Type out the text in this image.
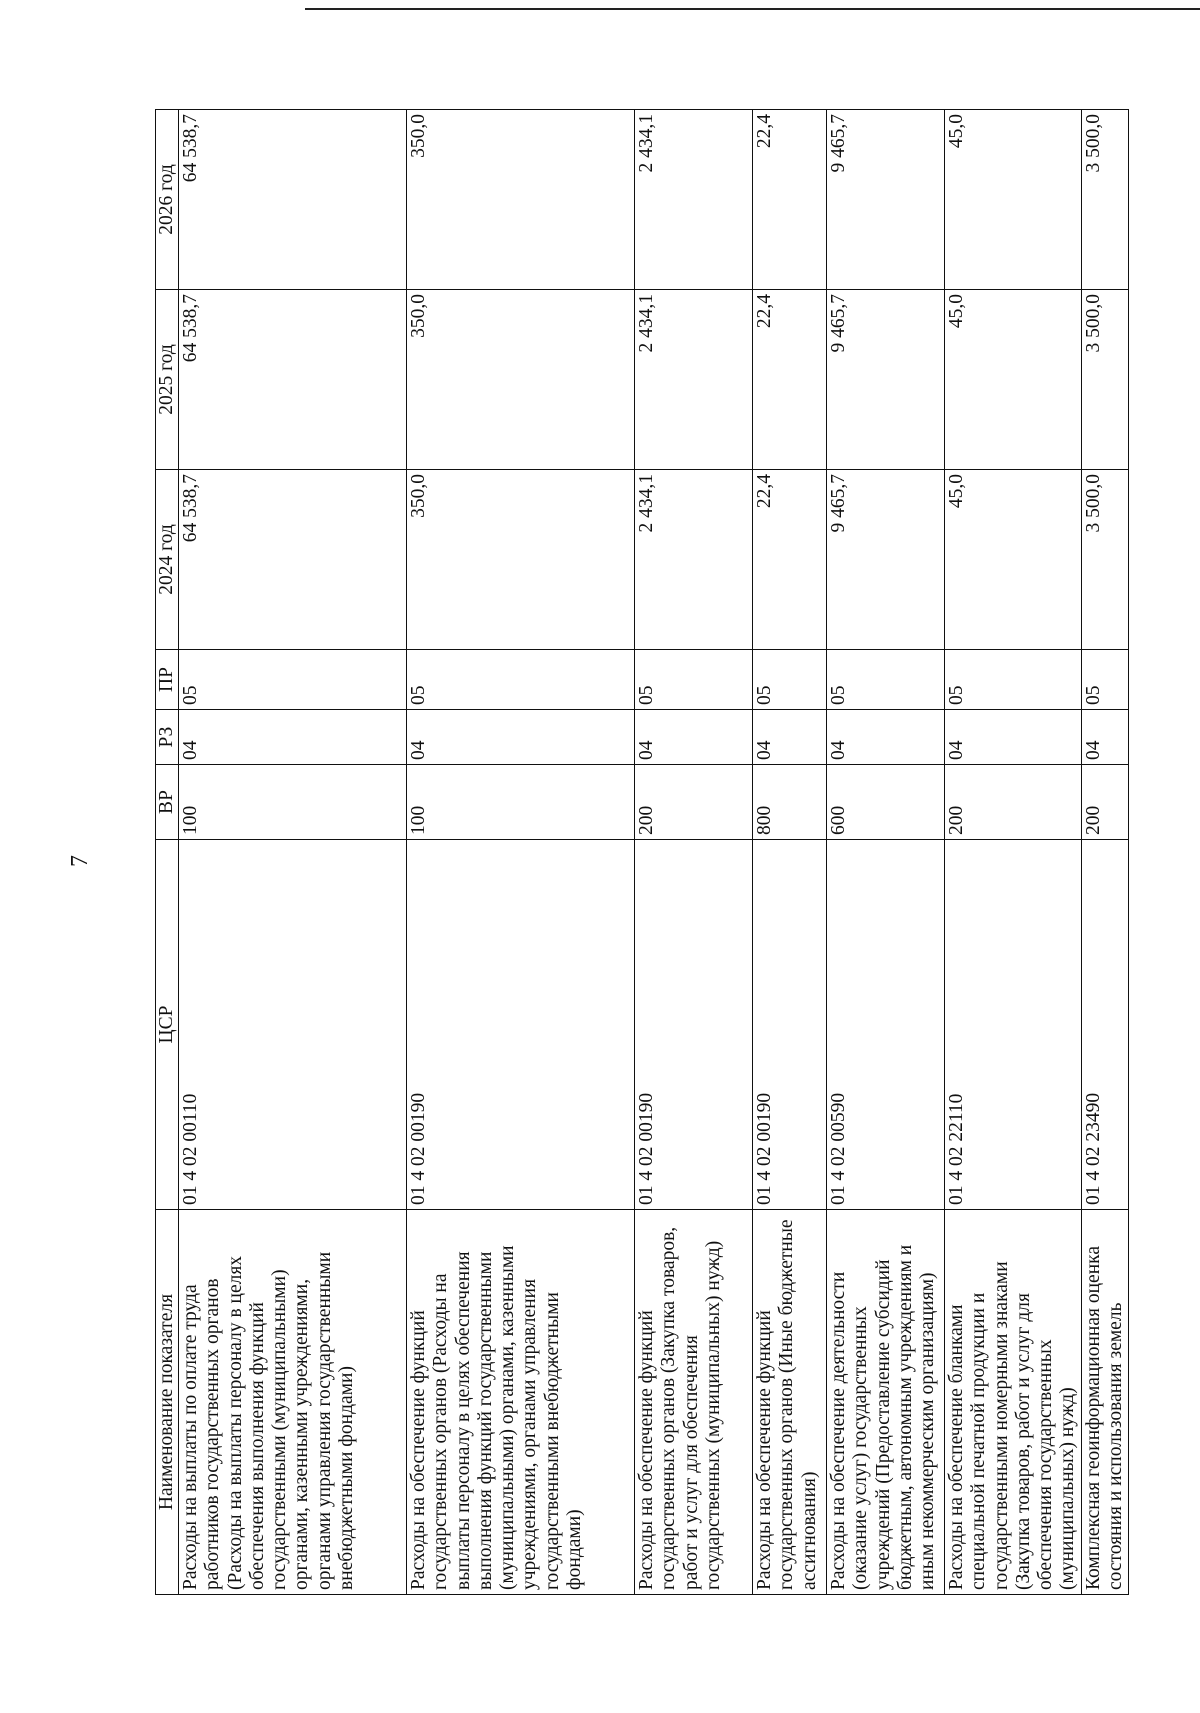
7
Наименование показателя	ЦСР	ВР	РЗ	ПР	2024 год	2025 год	2026 год
Расходы на выплаты по оплате труда работников государственных органов (Расходы на выплаты персоналу в целях обеспечения выполнения функций государственными (муниципальными) органами, казенными учреждениями, органами управления государственными внебюджетными фондами)	01 4 02 00110	100	04	05	64 538,7	64 538,7	64 538,7
Расходы на обеспечение функций государственных органов (Расходы на выплаты персоналу в целях обеспечения выполнения функций государственными (муниципальными) органами, казенными учреждениями, органами управления государственными внебюджетными фондами)	01 4 02 00190	100	04	05	350,0	350,0	350,0
Расходы на обеспечение функций государственных органов (Закупка товаров, работ и услуг для обеспечения государственных (муниципальных) нужд)	01 4 02 00190	200	04	05	2 434,1	2 434,1	2 434,1
Расходы на обеспечение функций государственных органов (Иные бюджетные ассигнования)	01 4 02 00190	800	04	05	22,4	22,4	22,4
Расходы на обеспечение деятельности (оказание услуг) государственных учреждений (Предоставление субсидий бюджетным, автономным учреждениям и иным некоммерческим организациям)	01 4 02 00590	600	04	05	9 465,7	9 465,7	9 465,7
Расходы на обеспечение бланками специальной печатной продукции и государственными номерными знаками (Закупка товаров, работ и услуг для обеспечения государственных (муниципальных) нужд)	01 4 02 22110	200	04	05	45,0	45,0	45,0
Комплексная геоинформационная оценка состояния и использования земель	01 4 02 23490	200	04	05	3 500,0	3 500,0	3 500,0
